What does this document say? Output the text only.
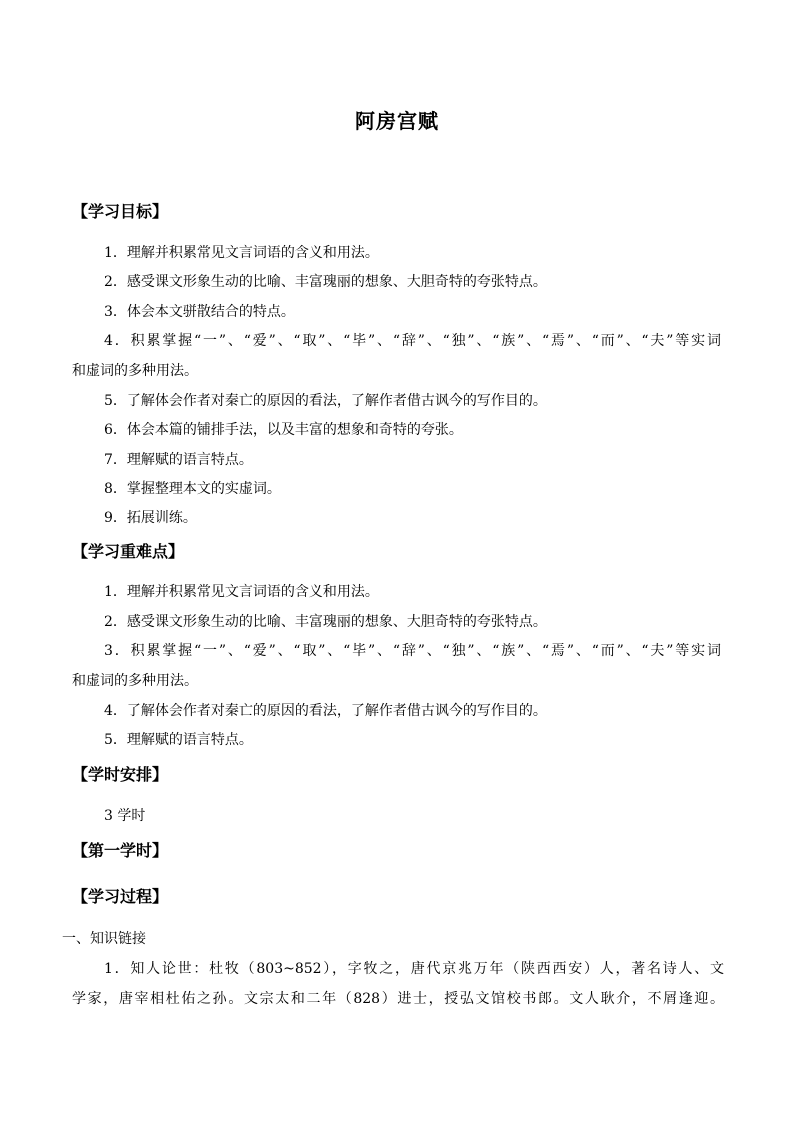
阿房宫赋
【学习目标】
1．理解并积累常见文言词语的含义和用法。
2．感受课文形象生动的比喻、丰富瑰丽的想象、大胆奇特的夸张特点。
3．体会本文骈散结合的特点。
4．积累掌握“一”、“爱”、“取”、“毕”、“辞”、“独”、“族”、“焉”、“而”、“夫”等实词
和虚词的多种用法。
5．了解体会作者对秦亡的原因的看法，了解作者借古讽今的写作目的。
6．体会本篇的铺排手法，以及丰富的想象和奇特的夸张。
7．理解赋的语言特点。
8．掌握整理本文的实虚词。
9．拓展训练。
【学习重难点】
1．理解并积累常见文言词语的含义和用法。
2．感受课文形象生动的比喻、丰富瑰丽的想象、大胆奇特的夸张特点。
3．积累掌握“一”、“爱”、“取”、“毕”、“辞”、“独”、“族”、“焉”、“而”、“夫”等实词
和虚词的多种用法。
4．了解体会作者对秦亡的原因的看法，了解作者借古讽今的写作目的。
5．理解赋的语言特点。
【学时安排】
3 学时
【第一学时】
【学习过程】
一、知识链接
1．知人论世：杜牧（803~852），字牧之，唐代京兆万年（陕西西安）人，著名诗人、文
学家，唐宰相杜佑之孙。文宗太和二年（828）进士，授弘文馆校书郎。文人耿介，不屑逢迎。
